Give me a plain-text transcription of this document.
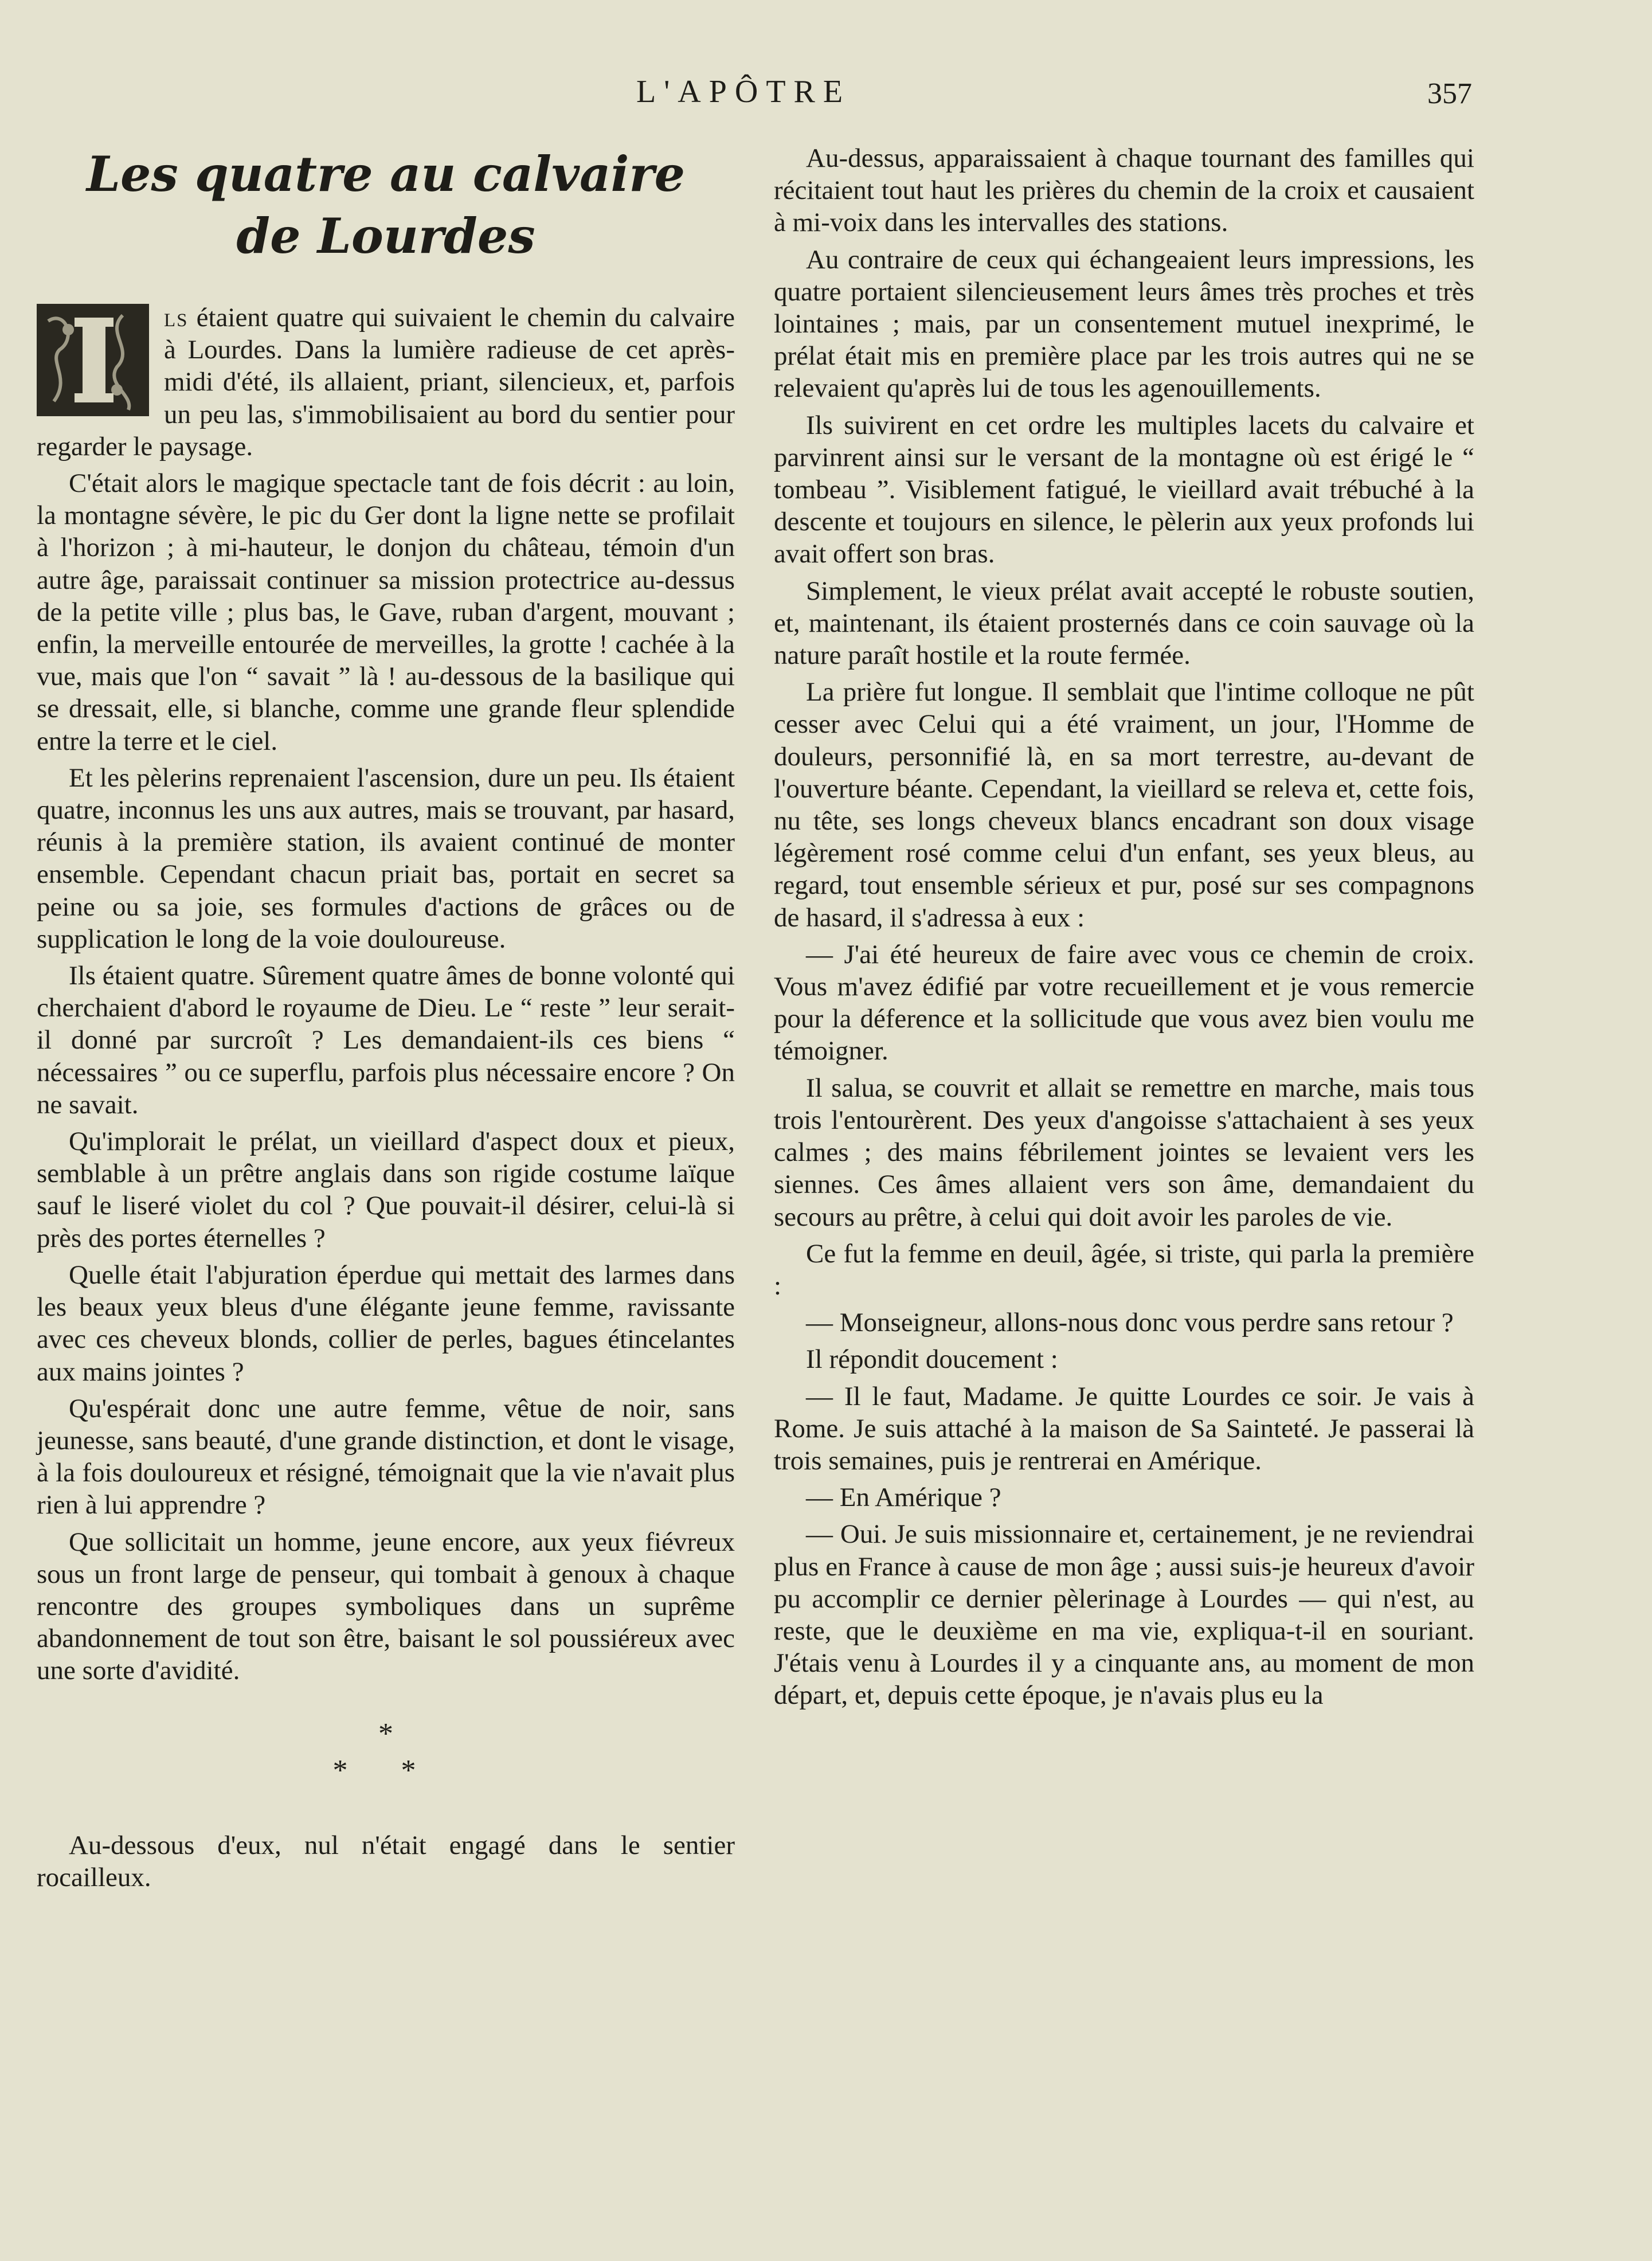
L'APÔTRE	357
Les quatre au calvaire
de Lourdes

ls étaient quatre qui suivaient le chemin du calvaire à Lourdes. Dans la lumière radieuse de cet après-midi d'été, ils allaient, priant, silencieux, et, parfois un peu las, s'immobilisaient au bord du sentier pour regarder le paysage.

C'était alors le magique spectacle tant de fois décrit : au loin, la montagne sévère, le pic du Ger dont la ligne nette se profilait à l'horizon ; à mi-hauteur, le donjon du château, témoin d'un autre âge, paraissait continuer sa mission protectrice au-dessus de la petite ville ; plus bas, le Gave, ruban d'argent, mouvant ; enfin, la merveille entourée de merveilles, la grotte ! cachée à la vue, mais que l'on “ savait ” là ! au-dessous de la basilique qui se dressait, elle, si blanche, comme une grande fleur splendide entre la terre et le ciel.

Et les pèlerins reprenaient l'ascension, dure un peu. Ils étaient quatre, inconnus les uns aux autres, mais se trouvant, par hasard, réunis à la première station, ils avaient continué de monter ensemble. Cependant chacun priait bas, portait en secret sa peine ou sa joie, ses formules d'actions de grâces ou de supplication le long de la voie douloureuse.

Ils étaient quatre. Sûrement quatre âmes de bonne volonté qui cherchaient d'abord le royaume de Dieu. Le “ reste ” leur serait-il donné par surcroît ? Les demandaient-ils ces biens “ nécessaires ” ou ce superflu, parfois plus nécessaire encore ? On ne savait.

Qu'implorait le prélat, un vieillard d'aspect doux et pieux, semblable à un prêtre anglais dans son rigide costume laïque sauf le liseré violet du col ? Que pouvait-il désirer, celui-là si près des portes éternelles ?

Quelle était l'abjuration éperdue qui mettait des larmes dans les beaux yeux bleus d'une élégante jeune femme, ravissante avec ces cheveux blonds, collier de perles, bagues étincelantes aux mains jointes ?

Qu'espérait donc une autre femme, vêtue de noir, sans jeunesse, sans beauté, d'une grande distinction, et dont le visage, à la fois douloureux et résigné, témoignait que la vie n'avait plus rien à lui apprendre ?

Que sollicitait un homme, jeune encore, aux yeux fiévreux sous un front large de penseur, qui tombait à genoux à chaque rencontre des groupes symboliques dans un suprême abandonnement de tout son être, baisant le sol poussiéreux avec une sorte d'avidité.

*
* *

Au-dessous d'eux, nul n'était engagé dans le sentier rocailleux.

Au-dessus, apparaissaient à chaque tournant des familles qui récitaient tout haut les prières du chemin de la croix et causaient à mi-voix dans les intervalles des stations.

Au contraire de ceux qui échangeaient leurs impressions, les quatre portaient silencieusement leurs âmes très proches et très lointaines ; mais, par un consentement mutuel inexprimé, le prélat était mis en première place par les trois autres qui ne se relevaient qu'après lui de tous les agenouillements.

Ils suivirent en cet ordre les multiples lacets du calvaire et parvinrent ainsi sur le versant de la montagne où est érigé le “ tombeau ”. Visiblement fatigué, le vieillard avait trébuché à la descente et toujours en silence, le pèlerin aux yeux profonds lui avait offert son bras.

Simplement, le vieux prélat avait accepté le robuste soutien, et, maintenant, ils étaient prosternés dans ce coin sauvage où la nature paraît hostile et la route fermée.

La prière fut longue. Il semblait que l'intime colloque ne pût cesser avec Celui qui a été vraiment, un jour, l'Homme de douleurs, personnifié là, en sa mort terrestre, au-devant de l'ouverture béante. Cependant, la vieillard se releva et, cette fois, nu tête, ses longs cheveux blancs encadrant son doux visage légèrement rosé comme celui d'un enfant, ses yeux bleus, au regard, tout ensemble sérieux et pur, posé sur ses compagnons de hasard, il s'adressa à eux :

— J'ai été heureux de faire avec vous ce chemin de croix. Vous m'avez édifié par votre recueillement et je vous remercie pour la déference et la sollicitude que vous avez bien voulu me témoigner.

Il salua, se couvrit et allait se remettre en marche, mais tous trois l'entourèrent. Des yeux d'angoisse s'attachaient à ses yeux calmes ; des mains fébrilement jointes se levaient vers les siennes. Ces âmes allaient vers son âme, demandaient du secours au prêtre, à celui qui doit avoir les paroles de vie.

Ce fut la femme en deuil, âgée, si triste, qui parla la première :

— Monseigneur, allons-nous donc vous perdre sans retour ?

Il répondit doucement :

— Il le faut, Madame. Je quitte Lourdes ce soir. Je vais à Rome. Je suis attaché à la maison de Sa Sainteté. Je passerai là trois semaines, puis je rentrerai en Amérique.

— En Amérique ?

— Oui. Je suis missionnaire et, certainement, je ne reviendrai plus en France à cause de mon âge ; aussi suis-je heureux d'avoir pu accomplir ce dernier pèlerinage à Lourdes — qui n'est, au reste, que le deuxième en ma vie, expliqua-t-il en souriant. J'étais venu à Lourdes il y a cinquante ans, au moment de mon départ, et, depuis cette époque, je n'avais plus eu la
